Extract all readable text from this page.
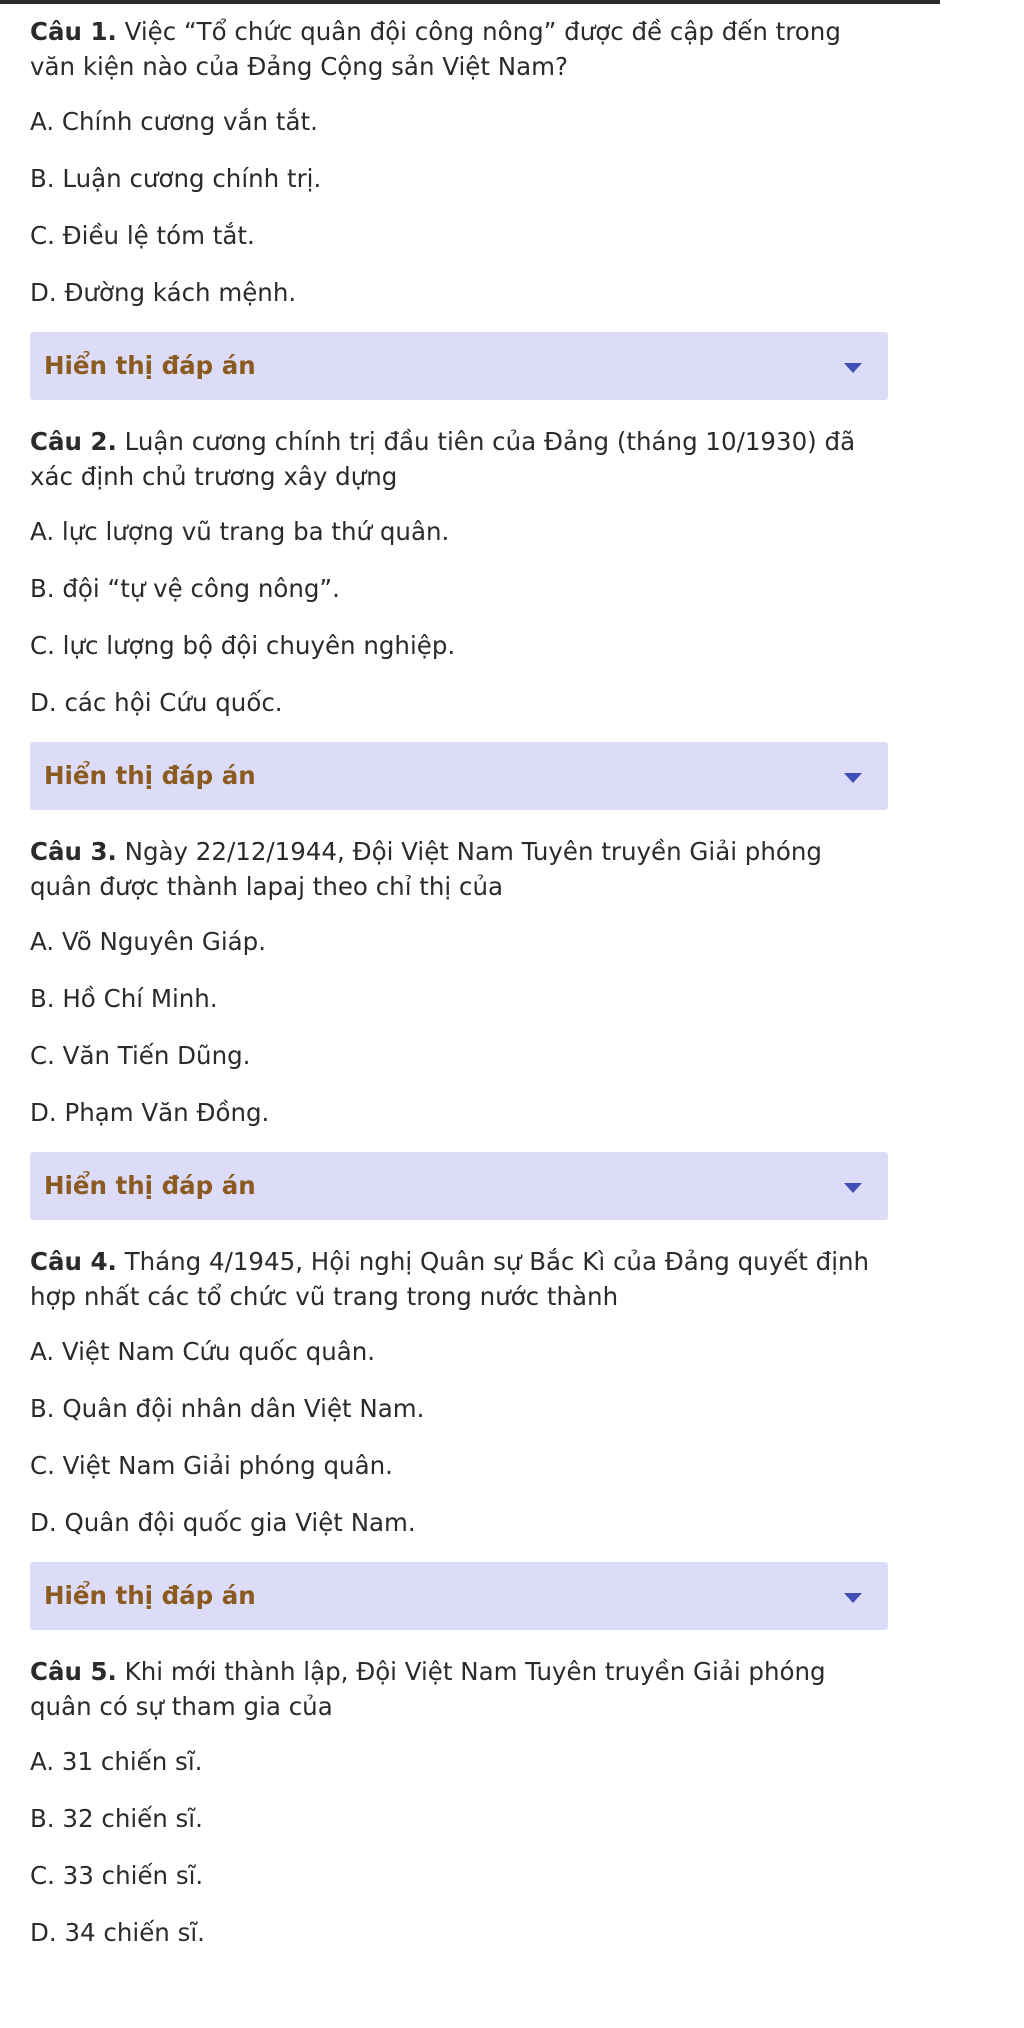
Câu 1. Việc “Tổ chức quân đội công nông” được đề cập đến trong văn kiện nào của Đảng Cộng sản Việt Nam?

A. Chính cương vắn tắt.
B. Luận cương chính trị.
C. Điều lệ tóm tắt.
D. Đường kách mệnh.
Hiển thị đáp án

Câu 2. Luận cương chính trị đầu tiên của Đảng (tháng 10/1930) đã xác định chủ trương xây dựng

A. lực lượng vũ trang ba thứ quân.
B. đội “tự vệ công nông”.
C. lực lượng bộ đội chuyên nghiệp.
D. các hội Cứu quốc.
Hiển thị đáp án

Câu 3. Ngày 22/12/1944, Đội Việt Nam Tuyên truyền Giải phóng quân được thành lapaj theo chỉ thị của

A. Võ Nguyên Giáp.
B. Hồ Chí Minh.
C. Văn Tiến Dũng.
D. Phạm Văn Đồng.
Hiển thị đáp án

Câu 4. Tháng 4/1945, Hội nghị Quân sự Bắc Kì của Đảng quyết định hợp nhất các tổ chức vũ trang trong nước thành

A. Việt Nam Cứu quốc quân.
B. Quân đội nhân dân Việt Nam.
C. Việt Nam Giải phóng quân.
D. Quân đội quốc gia Việt Nam.
Hiển thị đáp án

Câu 5. Khi mới thành lập, Đội Việt Nam Tuyên truyền Giải phóng quân có sự tham gia của

A. 31 chiến sĩ.
B. 32 chiến sĩ.
C. 33 chiến sĩ.
D. 34 chiến sĩ.
